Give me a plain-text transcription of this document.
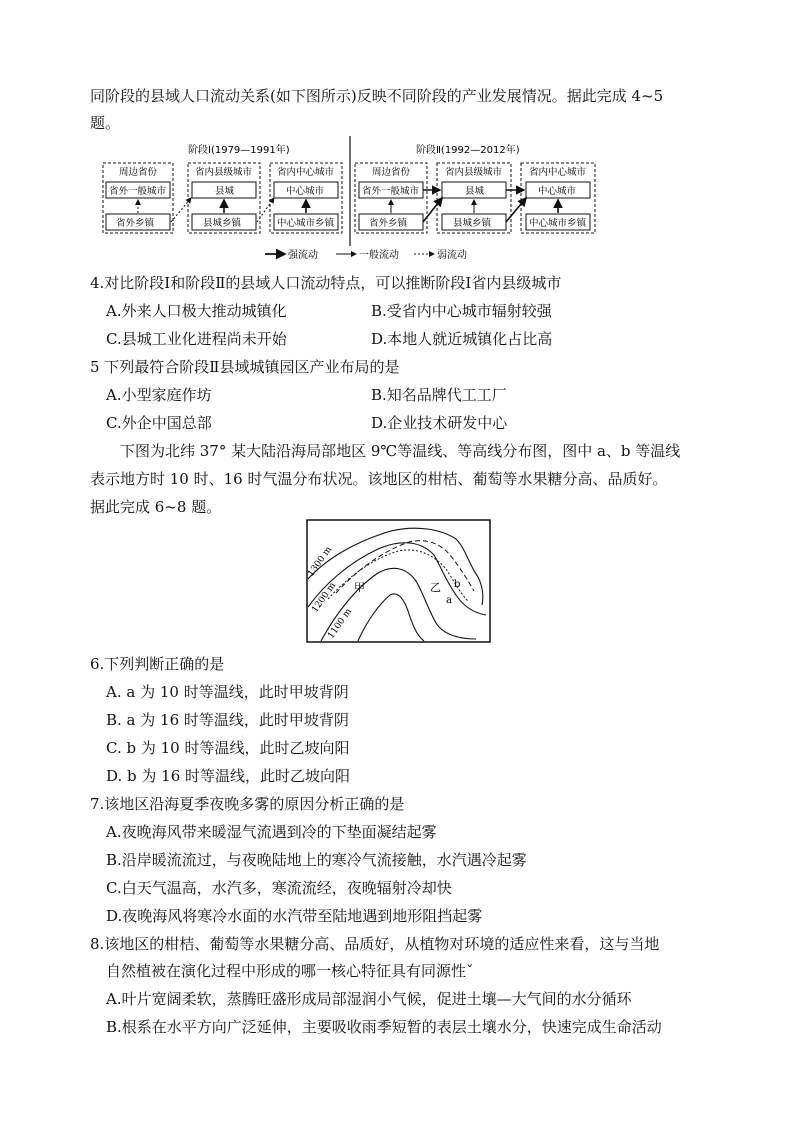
同阶段的县域人口流动关系(如下图所示)反映不同阶段的产业发展情况。据此完成 4~5
题。
阶段Ⅰ(1979—1991年)
周边省份
省外一般城市
省外乡镇
省内县级城市
县城
县城乡镇
省内中心城市
中心城市
中心城市乡镇
阶段Ⅱ(1992—2012年)
周边省份
省外一般城市
省外乡镇
省内县级城市
县城
县城乡镇
省内中心城市
中心城市
中心城市乡镇
强流动	一般流动	弱流动
4.对比阶段Ⅰ和阶段Ⅱ的县域人口流动特点，可以推断阶段Ⅰ省内县级城市
A.外来人口极大推动城镇化	B.受省内中心城市辐射较强
C.县城工业化进程尚未开始	D.本地人就近城镇化占比高
5 下列最符合阶段Ⅱ县域城镇园区产业布局的是
A.小型家庭作坊	B.知名品牌代工工厂
C.外企中国总部	D.企业技术研发中心
下图为北纬 37° 某大陆沿海局部地区 9℃等温线、等高线分布图，图中 a、b 等温线
表示地方时 10 时、16 时气温分布状况。该地区的柑桔、葡萄等水果糖分高、品质好。
据此完成 6~8 题。
1300 m
1200 m
1100 m
甲	乙
a
b
6.下列判断正确的是
A. a 为 10 时等温线，此时甲坡背阴
B. a 为 16 时等温线，此时甲坡背阴
C. b 为 10 时等温线，此时乙坡向阳
D. b 为 16 时等温线，此时乙坡向阳
7.该地区沿海夏季夜晚多雾的原因分析正确的是
A.夜晚海风带来暖湿气流遇到冷的下垫面凝结起雾
B.沿岸暖流流过，与夜晚陆地上的寒冷气流接触，水汽遇冷起雾
C.白天气温高，水汽多，寒流流经，夜晚辐射冷却快
D.夜晚海风将寒冷水面的水汽带至陆地遇到地形阻挡起雾
8.该地区的柑桔、葡萄等水果糖分高、品质好，从植物对环境的适应性来看，这与当地
自然植被在演化过程中形成的哪一核心特征具有同源性ˇ
A.叶片宽阔柔软，蒸腾旺盛形成局部湿润小气候，促进土壤—大气间的水分循环
B.根系在水平方向广泛延伸，主要吸收雨季短暂的表层土壤水分，快速完成生命活动
